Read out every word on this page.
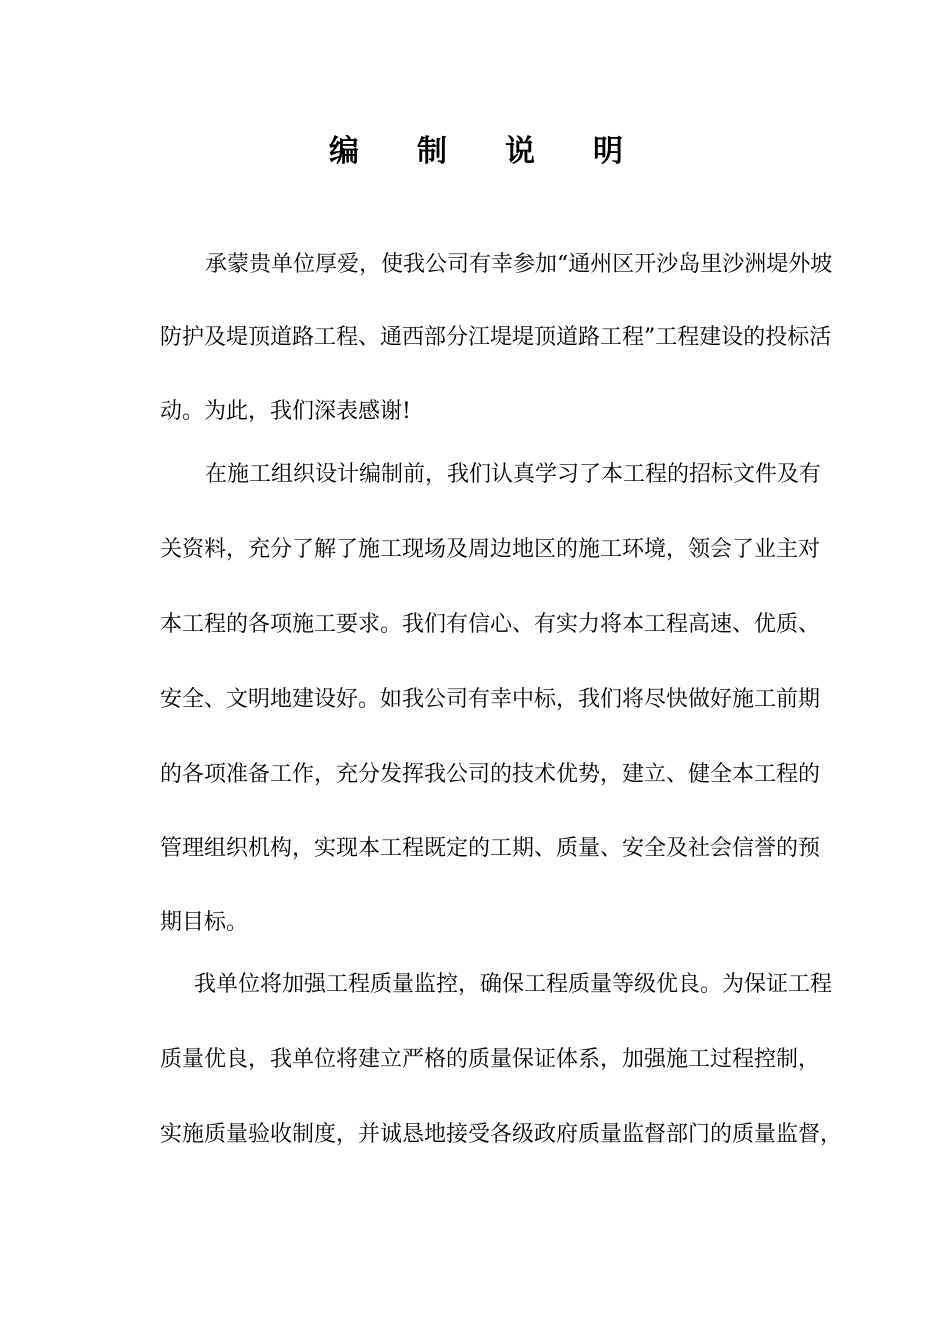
编制说明
　承蒙贵单位厚爱，使我公司有幸参加“通州区开沙岛里沙洲堤外坡
防护及堤顶道路工程、通西部分江堤堤顶道路工程”工程建设的投标活
动。为此，我们深表感谢!
　在施工组织设计编制前，我们认真学习了本工程的招标文件及有
关资料，充分了解了施工现场及周边地区的施工环境，领会了业主对
本工程的各项施工要求。我们有信心、有实力将本工程高速、优质、
安全、文明地建设好。如我公司有幸中标，我们将尽快做好施工前期
的各项准备工作，充分发挥我公司的技术优势，建立、健全本工程的
管理组织机构，实现本工程既定的工期、质量、安全及社会信誉的预
期目标。
　我单位将加强工程质量监控，确保工程质量等级优良。为保证工程
质量优良，我单位将建立严格的质量保证体系，加强施工过程控制，
实施质量验收制度，并诚恳地接受各级政府质量监督部门的质量监督，
